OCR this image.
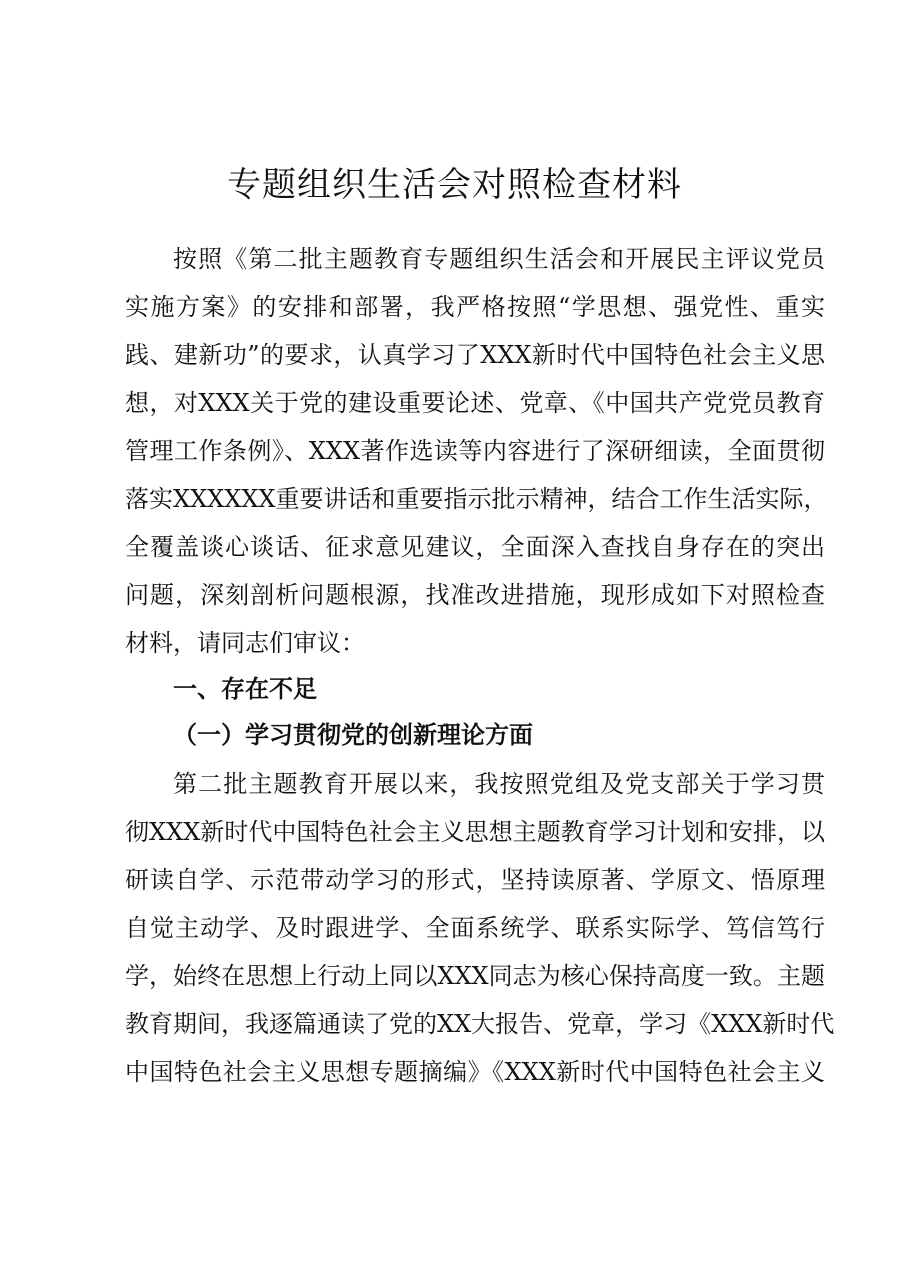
专题组织生活会对照检查材料

按照《第二批主题教育专题组织生活会和开展民主评议党员

实施方案》的安排和部署，我严格按照“学思想、强党性、重实

践、建新功”的要求，认真学习了XXX新时代中国特色社会主义思

想，对XXX关于党的建设重要论述、党章、《中国共产党党员教育

管理工作条例》、XXX著作选读等内容进行了深研细读，全面贯彻

落实XXXXXX重要讲话和重要指示批示精神，结合工作生活实际，

全覆盖谈心谈话、征求意见建议，全面深入查找自身存在的突出

问题，深刻剖析问题根源，找准改进措施，现形成如下对照检查

材料，请同志们审议：

一、存在不足
（一）学习贯彻党的创新理论方面

第二批主题教育开展以来，我按照党组及党支部关于学习贯

彻XXX新时代中国特色社会主义思想主题教育学习计划和安排，以

研读自学、示范带动学习的形式，坚持读原著、学原文、悟原理

自觉主动学、及时跟进学、全面系统学、联系实际学、笃信笃行

学，始终在思想上行动上同以XXX同志为核心保持高度一致。主题

教育期间，我逐篇通读了党的XX大报告、党章，学习《XXX新时代

中国特色社会主义思想专题摘编》《XXX新时代中国特色社会主义
